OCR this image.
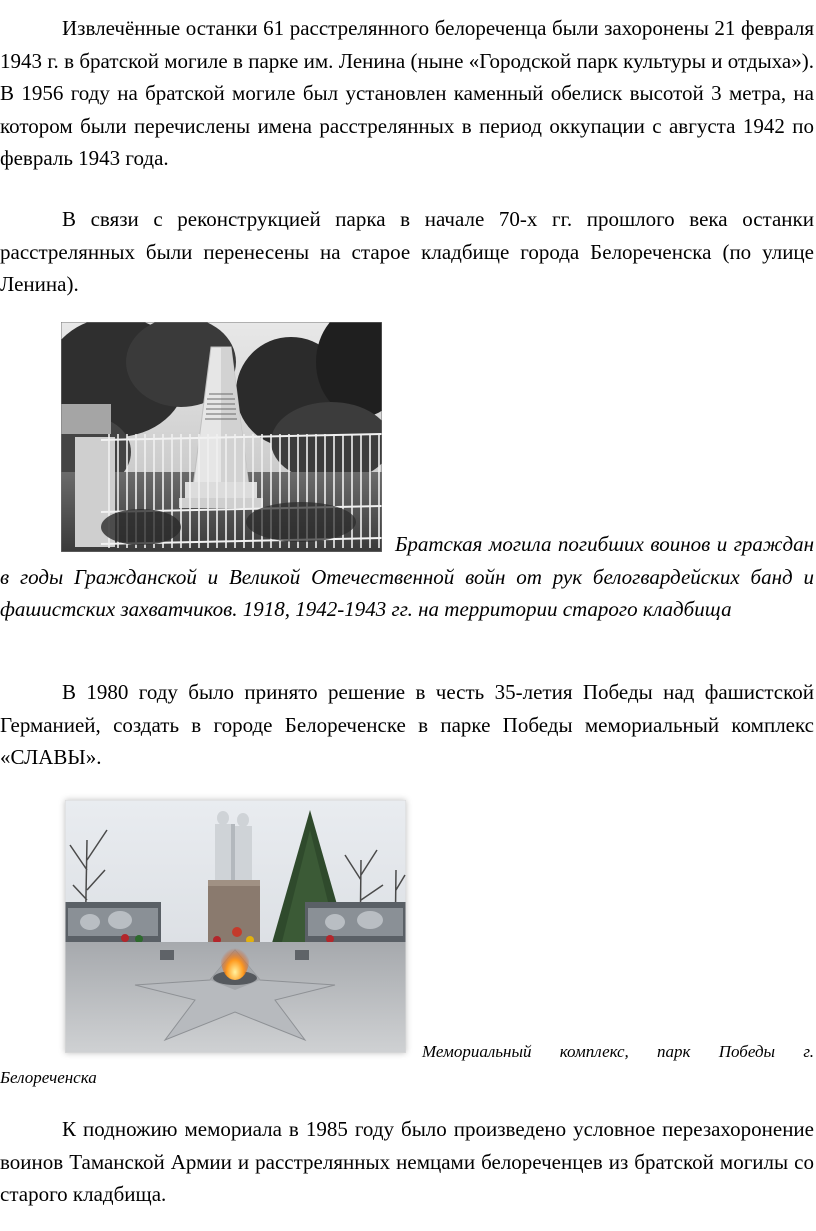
Извлечённые останки 61 расстрелянного белореченца были захоронены 21 февраля 1943 г. в братской могиле в парке им. Ленина (ныне «Городской парк культуры и отдыха»). В 1956 году на братской могиле был установлен каменный обелиск высотой 3 метра, на котором были перечислены имена расстрелянных в период оккупации с августа 1942 по февраль 1943 года.

В связи с реконструкцией парка в начале 70-х гг. прошлого века останки расстрелянных были перенесены на старое кладбище города Белореченска (по улице Ленина).

Братская могила погибших воинов и граждан в годы Гражданской и Великой Отечественной войн от рук белогвардейских банд и фашистских захватчиков. 1918, 1942-1943 гг. на территории старого кладбища

В 1980 году было принято решение в честь 35-летия Победы над фашистской Германией, создать в городе Белореченске в парке Победы мемориальный комплекс «СЛАВЫ».

Мемориальный комплекс, парк Победы г. Белореченска

К подножию мемориала в 1985 году было произведено условное перезахоронение воинов Таманской Армии и расстрелянных немцами белореченцев из братской могилы со старого кладбища.
